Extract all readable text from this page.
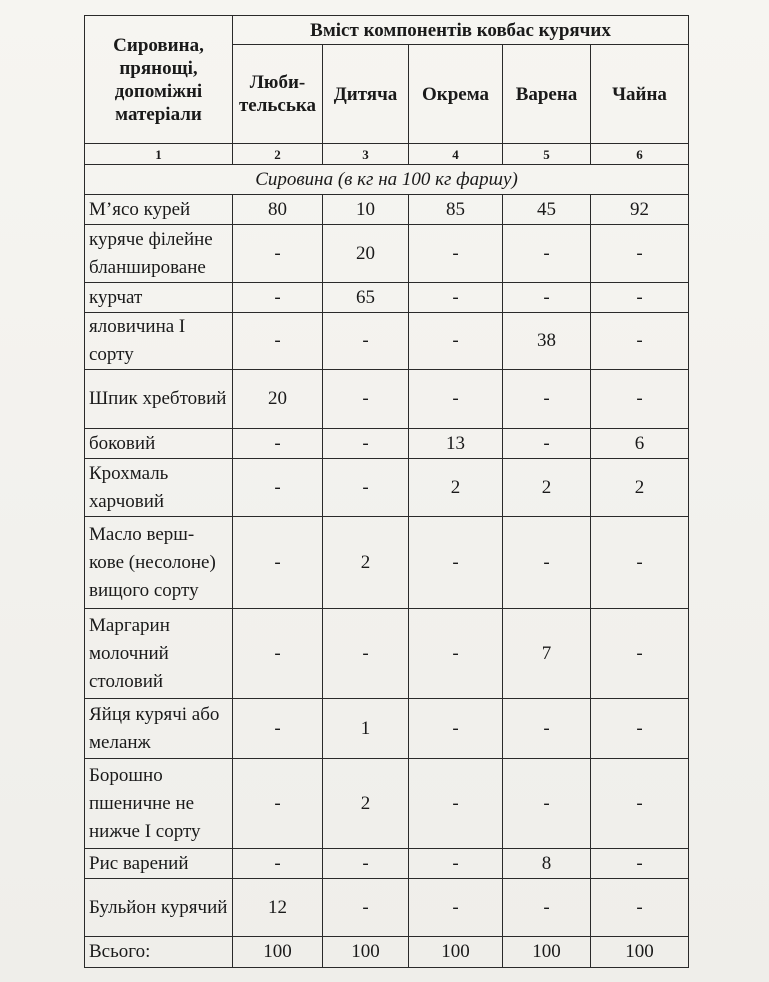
Сировина, прянощі, допоміжні матеріали	Вміст компонентів ковбас курячих				
	Люби-тельська	Дитяча	Окрема	Варена	Чайна
1	2	3	4	5	6
Сировина (в кг на 100 кг фаршу)					
М’ясо курей	80	10	85	45	92
куряче філейне бланшироване	-	20	-	-	-
курчат	-	65	-	-	-
яловичина I сорту	-	-	-	38	-
Шпик хребтовий	20	-	-	-	-
боковий	-	-	13	-	6
Крохмаль харчовий	-	-	2	2	2
Масло верш-кове (несолоне) вищого сорту	-	2	-	-	-
Маргарин молочний столовий	-	-	-	7	-
Яйця курячі або меланж	-	1	-	-	-
Борошно пшеничне не нижче I сорту	-	2	-	-	-
Рис варений	-	-	-	8	-
Бульйон курячий	12	-	-	-	-
Всього:	100	100	100	100	100
